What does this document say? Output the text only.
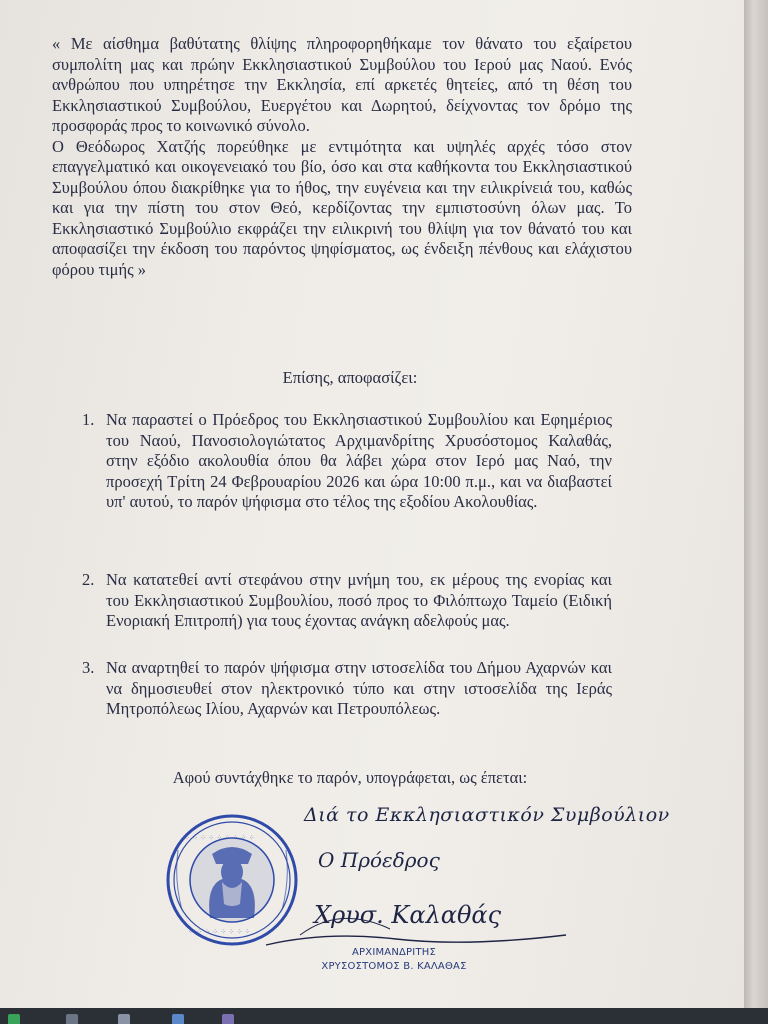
« Με αίσθημα βαθύτατης θλίψης πληροφορηθήκαμε τον θάνατο του εξαίρετου συμπολίτη μας και πρώην Εκκλησιαστικού Συμβούλου του Ιερού μας Ναού. Ενός ανθρώπου που υπηρέτησε την Εκκλησία, επί αρκετές θητείες, από τη θέση του Εκκλησιαστικού Συμβούλου, Ευεργέτου και Δωρητού, δείχνοντας τον δρόμο της προσφοράς προς το κοινωνικό σύνολο.

Ο Θεόδωρος Χατζής πορεύθηκε με εντιμότητα και υψηλές αρχές τόσο στον επαγγελματικό και οικογενειακό του βίο, όσο και στα καθήκοντα του Εκκλησιαστικού Συμβούλου όπου διακρίθηκε για το ήθος, την ευγένεια και την ειλικρίνειά του, καθώς και για την πίστη του στον Θεό, κερδίζοντας την εμπιστοσύνη όλων μας. Το Εκκλησιαστικό Συμβούλιο εκφράζει την ειλικρινή του θλίψη για τον θάνατό του και αποφασίζει την έκδοση του παρόντος ψηφίσματος, ως ένδειξη πένθους και ελάχιστου φόρου τιμής »

Επίσης, αποφασίζει:
1. Να παραστεί ο Πρόεδρος του Εκκλησιαστικού Συμβουλίου και Εφημέριος του Ναού, Πανοσιολογιώτατος Αρχιμανδρίτης Χρυσόστομος Καλαθάς, στην εξόδιο ακολουθία όπου θα λάβει χώρα στον Ιερό μας Ναό, την προσεχή Τρίτη 24 Φεβρουαρίου 2026 και ώρα 10:00 π.μ., και να διαβαστεί υπ' αυτού, το παρόν ψήφισμα στο τέλος της εξοδίου Ακολουθίας.
2. Να κατατεθεί αντί στεφάνου στην μνήμη του, εκ μέρους της ενορίας και του Εκκλησιαστικού Συμβουλίου, ποσό προς το Φιλόπτωχο Ταμείο (Ειδική Ενοριακή Επιτροπή) για τους έχοντας ανάγκη αδελφούς μας.
3. Να αναρτηθεί το παρόν ψήφισμα στην ιστοσελίδα του Δήμου Αχαρνών και να δημοσιευθεί στον ηλεκτρονικό τύπο και στην ιστοσελίδα της Ιεράς Μητροπόλεως Ιλίου, Αχαρνών και Πετρουπόλεως.
Αφού συντάχθηκε το παρόν, υπογράφεται, ως έπεται:
⁘ ⁘ ⁘ ⁘ ⁘ ⁘ ⁘ ⁘ ⁘
⁘ ⁘ ⁘ ⁘ ⁘ ⁘ ⁘ ⁘
Διά το Εκκλησιαστικόν Συμβούλιον
Ο Πρόεδρος
Χρυσ. Καλαθάς
ΑΡΧΙΜΑΝΔΡΙΤΗΣ
ΧΡΥΣΟΣΤΟΜΟΣ Β. ΚΑΛΑΘΑΣ
